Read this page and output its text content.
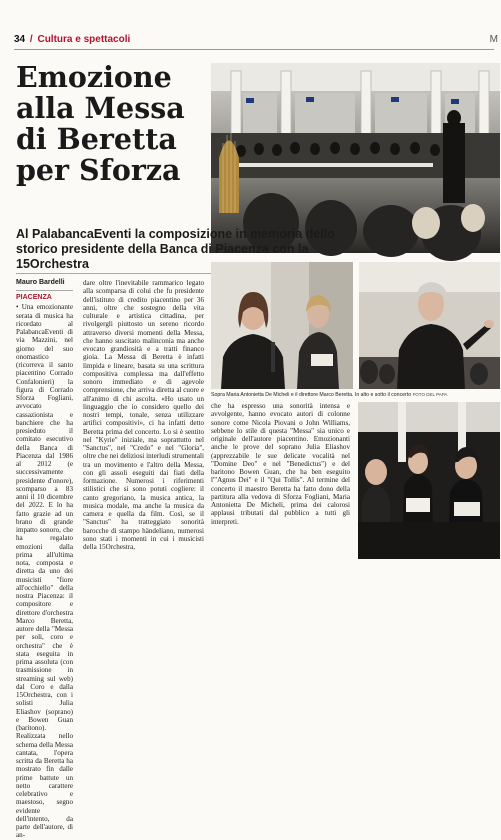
34 / Cultura e spettacoli	M
Emozione alla Messa di Beretta per Sforza
Al PalabancaEventi la composizione in memoria dello storico presidente della Banca di Piacenza con la 15Orchestra
Mauro Bardelli
PIACENZA

• Una emozionante serata di musica ha ricordato al PalabancaEventi di via Mazzini, nel giorno del suo onomastico (ricorreva il santo piacentino Corrado Confalonieri) la figura di Corrado Sforza Fogliani, avvocato cassazionista e banchiere che ha presieduto il comitato esecutivo della Banca di Piacenza dal 1986 al 2012 (e successivamente presidente d'onore), scomparso a 83 anni il 10 dicembre del 2022. E lo ha fatto grazie ad un brano di grande impatto sonoro, che ha regalato emozioni dalla prima all'ultima nota, composta e diretta da uno dei musicisti "fiore all'occhiello" della nostra Piacenza: il compositore e direttore d'orchestra Marco Beretta, autore della "Messa per soli, coro e orchestra" che è stata eseguita in prima assoluta (con trasmissione in streaming sul web) dal Coro e dalla 15Orchestra, con i solisti Julia Eliashov (soprano) e Bowen Guan (baritono). Realizzata nello schema della Messa cantata, l'opera scritta da Beretta ha mostrato fin dalle prime battute un netto carattere celebrativo e maestoso, segno evidente dell'intento, da parte dell'autore, di an-

dare oltre l'inevitabile rammarico legato alla scomparsa di colui che fu presidente dell'istituto di credito piacentino per 36 anni, oltre che sostegno della vita culturale e artistica cittadina, per rivolgergli piuttosto un sereno ricordo attraverso diversi momenti della Messa, che hanno suscitato malinconia ma anche evocato grandiosità e a tratti financo gioia. La Messa di Beretta è infatti limpida e lineare, basata su una scrittura compositiva complessa ma dall'effetto sonoro immediato e di agevole comprensione, che arriva diretta al cuore e all'animo di chi ascolta. «Ho usato un linguaggio che io considero quello dei nostri tempi, tonale, senza utilizzare artifici compositivi», ci ha infatti detto Beretta prima del concerto. Lo si è sentito nel "Kyrie" iniziale, ma soprattutto nel "Sanctus", nel "Credo" e nel "Gloria", oltre che nei deliziosi interludi strumentali tra un movimento e l'altro della Messa, con gli assoli eseguiti dai fiati della formazione. Numerosi i riferimenti stilistici che si sono potuti cogliere: il canto gregoriano, la musica antica, la musica modale, ma anche la musica da camera e quella da film. Così, se il "Sanctus" ha tratteggiato sonorità barocche di stampo händeliano, numerosi sono stati i momenti in cui i musicisti della 15Orchestra,

Sopra Maria Antonietta De Micheli e il direttore Marco Beretta. In alto e sotto il concerto FOTO DEL PAPA

che ha espresso una sonorità intensa e avvolgente, hanno evocato autori di colonne sonore come Nicola Piovani o John Williams, sebbene lo stile di questa "Messa" sia unico e originale dell'autore piacentino. Emozionanti anche le prove del soprano Julia Eliashov (apprezzabile le sue delicate vocalità nel "Domine Deo" e nel "Benedictus") e del baritono Bowen Guan, che ha ben eseguito l'"Agnus Dei" e il "Qui Tollis". Al termine del concerto il maestro Beretta ha fatto dono della partitura alla vedova di Sforza Fogliani, Maria Antonietta De Micheli, prima dei calorosi applausi tributati dal pubblico a tutti gli interpreti.
